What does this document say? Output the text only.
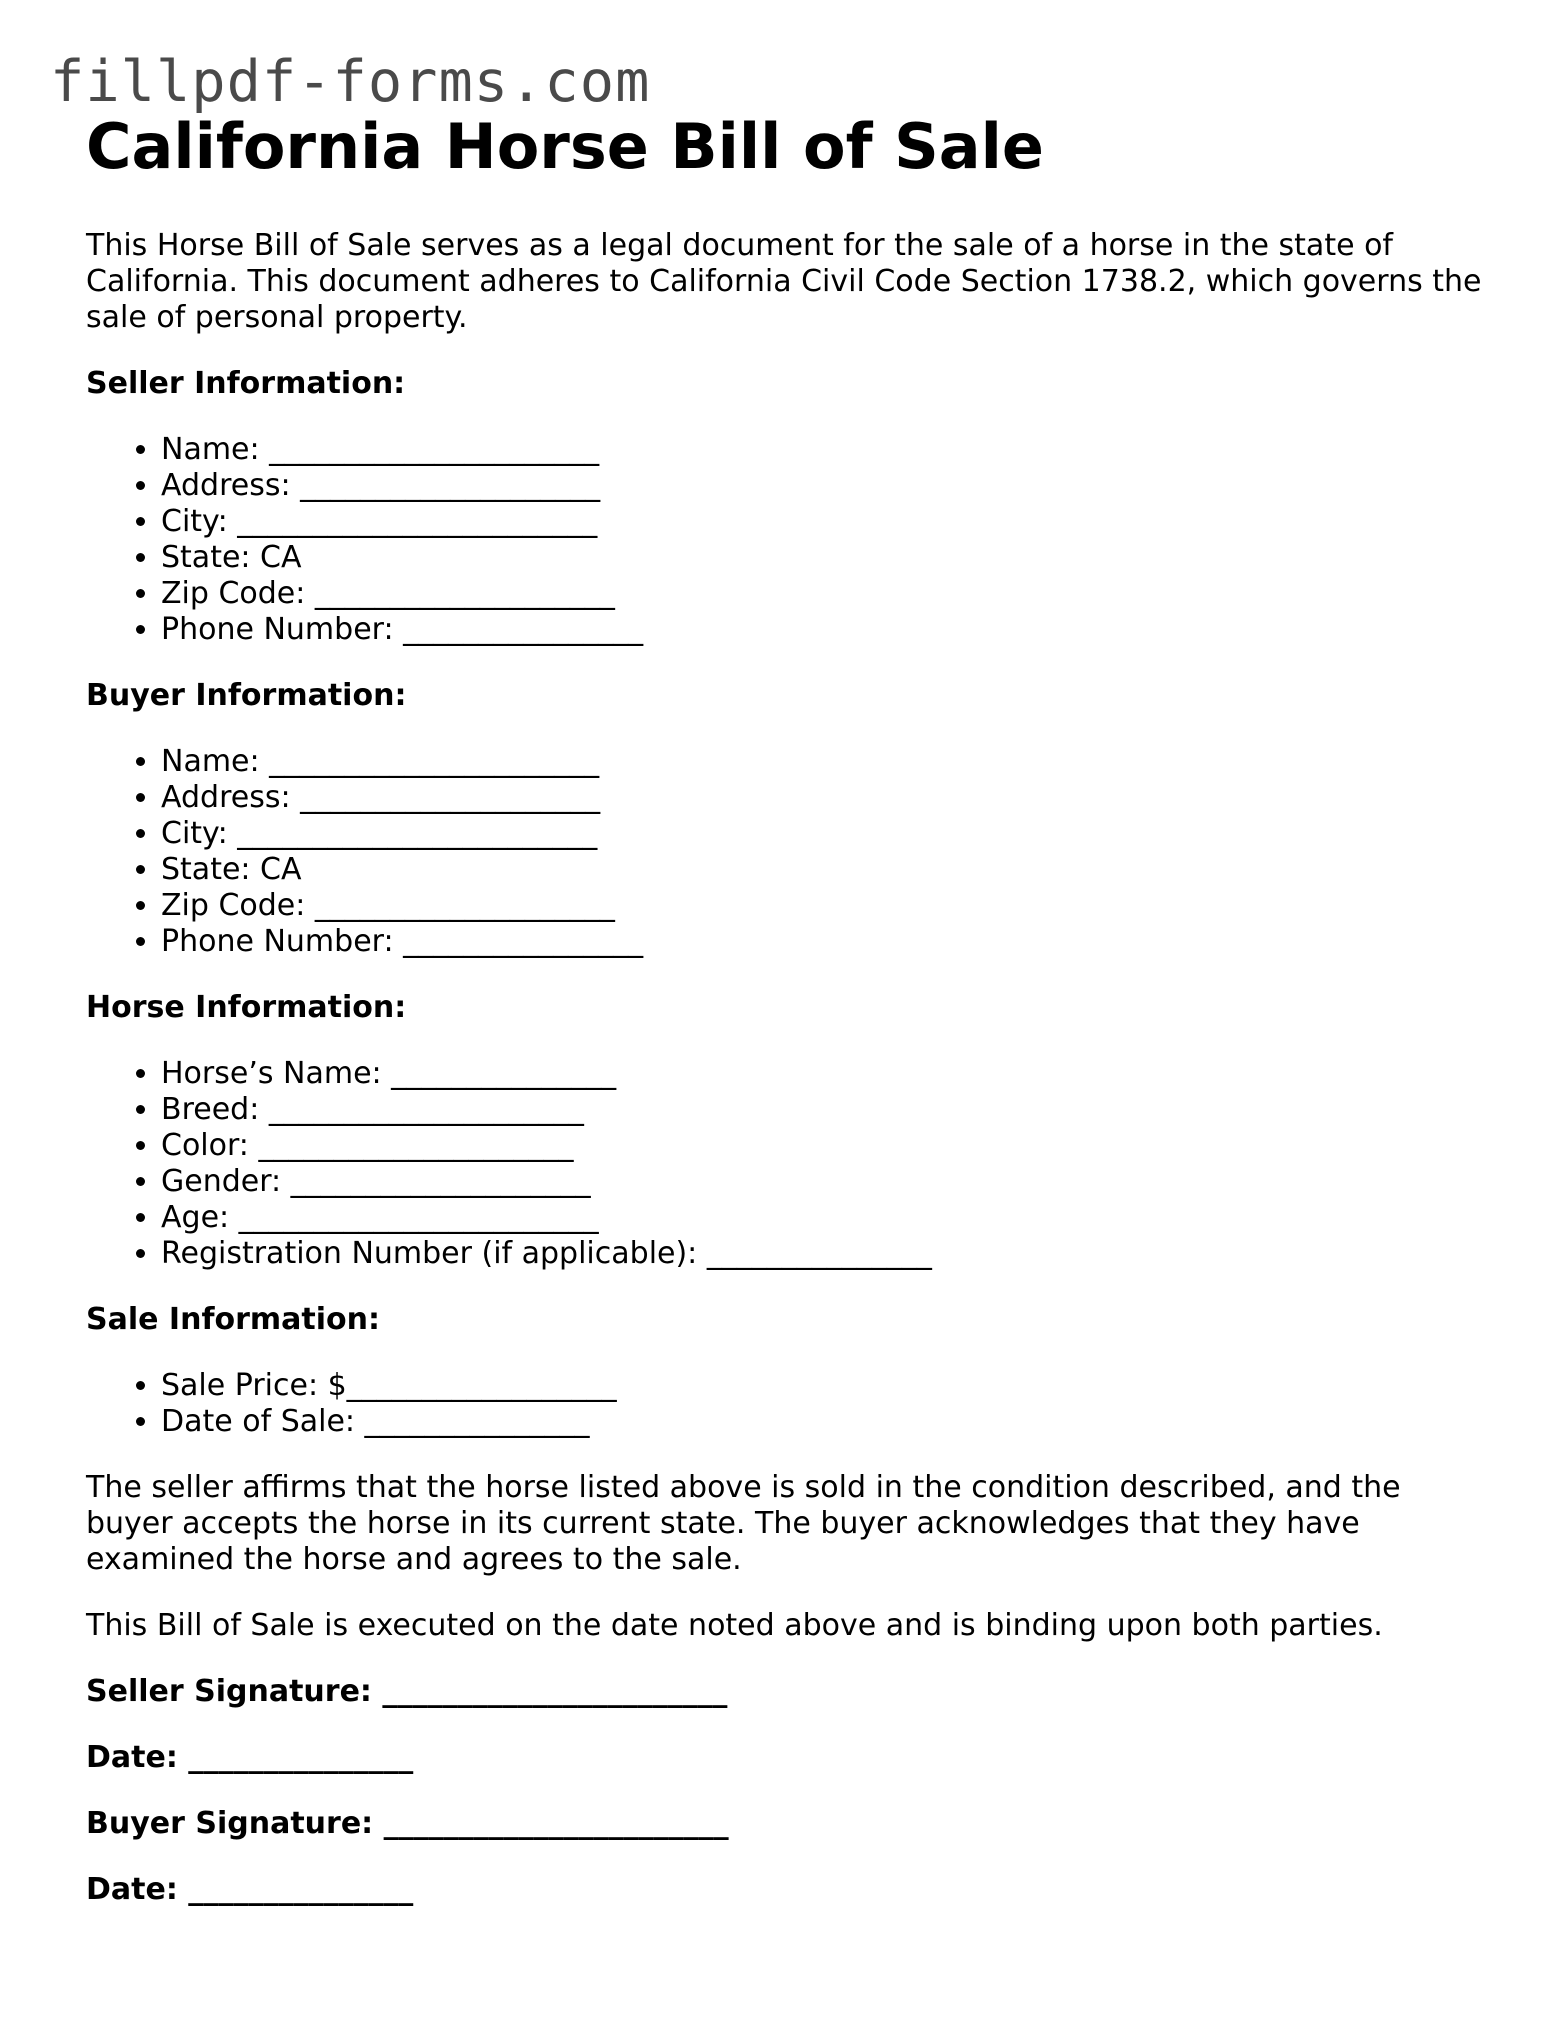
fillpdf-forms.com
California Horse Bill of Sale

This Horse Bill of Sale serves as a legal document for the sale of a horse in the state of California. This document adheres to California Civil Code Section 1738.2, which governs the sale of personal property.

Seller Information:

• Name: ______________________
• Address: ____________________
• City: ________________________
• State: CA
• Zip Code: ____________________
• Phone Number: ________________

Buyer Information:

• Name: ______________________
• Address: ____________________
• City: ________________________
• State: CA
• Zip Code: ____________________
• Phone Number: ________________

Horse Information:

• Horse’s Name: _______________
• Breed: _____________________
• Color: _____________________
• Gender: ____________________
• Age: ________________________
• Registration Number (if applicable): _______________

Sale Information:

• Sale Price: $__________________
• Date of Sale: _______________

The seller affirms that the horse listed above is sold in the condition described, and the buyer accepts the horse in its current state. The buyer acknowledges that they have examined the horse and agrees to the sale.

This Bill of Sale is executed on the date noted above and is binding upon both parties.

Seller Signature: _______________________

Date: _______________

Buyer Signature: _______________________

Date: _______________
